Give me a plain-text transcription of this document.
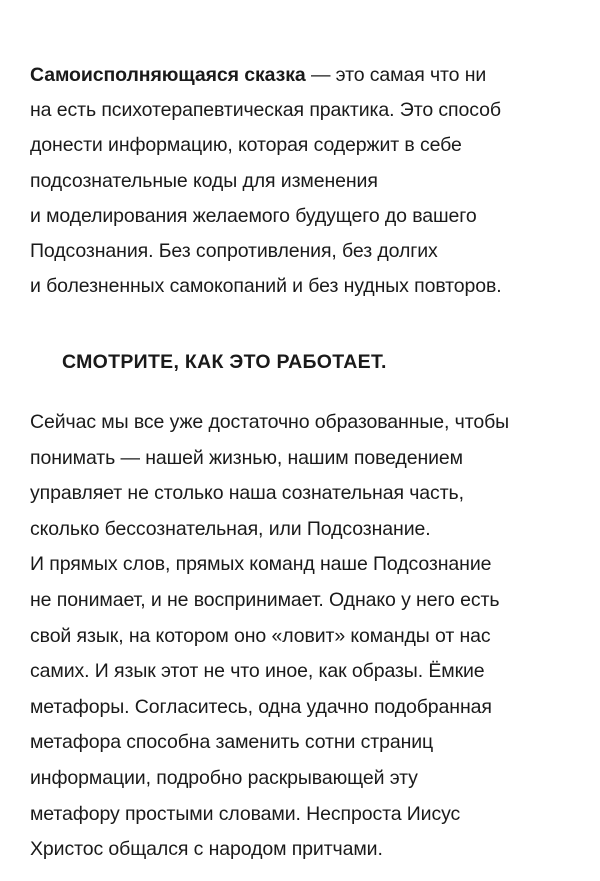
Самоисполняющаяся сказка — это самая что ни
на есть психотерапевтическая практика. Это способ
донести информацию, которая содержит в себе
подсознательные коды для изменения
и моделирования желаемого будущего до вашего
Подсознания. Без сопротивления, без долгих
и болезненных самокопаний и без нудных повторов.
СМОТРИТЕ, КАК ЭТО РАБОТАЕТ.
Сейчас мы все уже достаточно образованные, чтобы
понимать — нашей жизнью, нашим поведением
управляет не столько наша сознательная часть,
сколько бессознательная, или Подсознание.
И прямых слов, прямых команд наше Подсознание
не понимает, и не воспринимает. Однако у него есть
свой язык, на котором оно «ловит» команды от нас
самих. И язык этот не что иное, как образы. Ёмкие
метафоры. Согласитесь, одна удачно подобранная
метафора способна заменить сотни страниц
информации, подробно раскрывающей эту
метафору простыми словами. Неспроста Иисус
Христос общался с народом притчами.
